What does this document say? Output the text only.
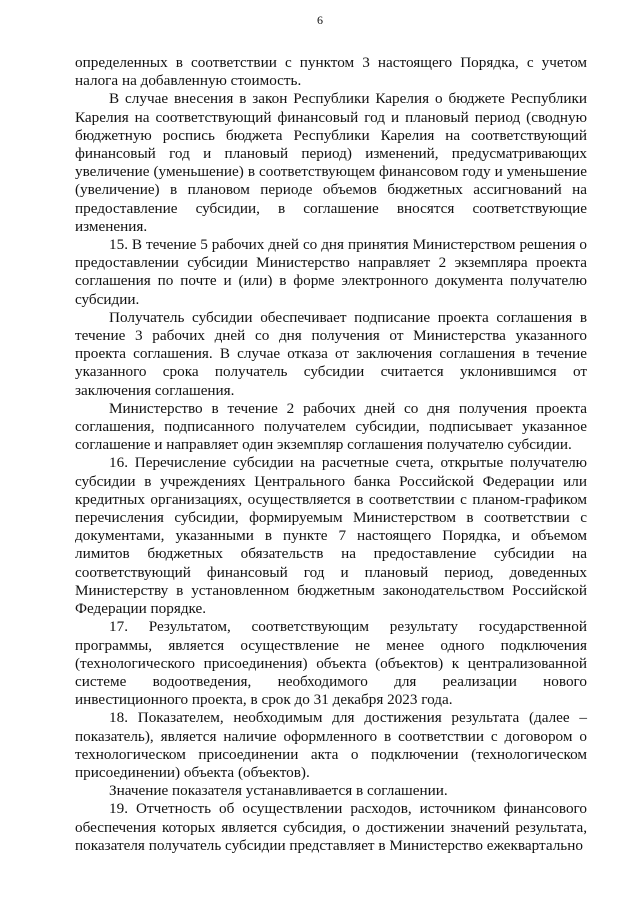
6

определенных в соответствии с пунктом 3 настоящего Порядка, с учетом налога на добавленную стоимость.

В случае внесения в закон Республики Карелия о бюджете Республики Карелия на соответствующий финансовый год и плановый период (сводную бюджетную роспись бюджета Республики Карелия на соответствующий финансовый год и плановый период) изменений, предусматривающих увеличение (уменьшение) в соответствующем финансовом году и уменьшение (увеличение) в плановом периоде объемов бюджетных ассигнований на предоставление субсидии, в соглашение вносятся соответствующие изменения.

15. В течение 5 рабочих дней со дня принятия Министерством решения о предоставлении субсидии Министерство направляет 2 экземпляра проекта соглашения по почте и (или) в форме электронного документа получателю субсидии.

Получатель субсидии обеспечивает подписание проекта соглашения в течение 3 рабочих дней со дня получения от Министерства указанного проекта соглашения. В случае отказа от заключения соглашения в течение указанного срока получатель субсидии считается уклонившимся от заключения соглашения.

Министерство в течение 2 рабочих дней со дня получения проекта соглашения, подписанного получателем субсидии, подписывает указанное соглашение и направляет один экземпляр соглашения получателю субсидии.

16. Перечисление субсидии на расчетные счета, открытые получателю субсидии в учреждениях Центрального банка Российской Федерации или кредитных организациях, осуществляется в соответствии с планом-графиком перечисления субсидии, формируемым Министерством в соответствии с документами, указанными в пункте 7 настоящего Порядка, и объемом лимитов бюджетных обязательств на предоставление субсидии на соответствующий финансовый год и плановый период, доведенных Министерству в установленном бюджетным законодательством Российской Федерации порядке.

17. Результатом, соответствующим результату государственной программы, является осуществление не менее одного подключения (технологического присоединения) объекта (объектов) к централизованной системе водоотведения, необходимого для реализации нового инвестиционного проекта, в срок до 31 декабря 2023 года.

18. Показателем, необходимым для достижения результата (далее – показатель), является наличие оформленного в соответствии с договором о технологическом присоединении акта о подключении (технологическом присоединении) объекта (объектов).

Значение показателя устанавливается в соглашении.

19. Отчетность об осуществлении расходов, источником финансового обеспечения которых является субсидия, о достижении значений результата, показателя получатель субсидии представляет в Министерство ежеквартально
